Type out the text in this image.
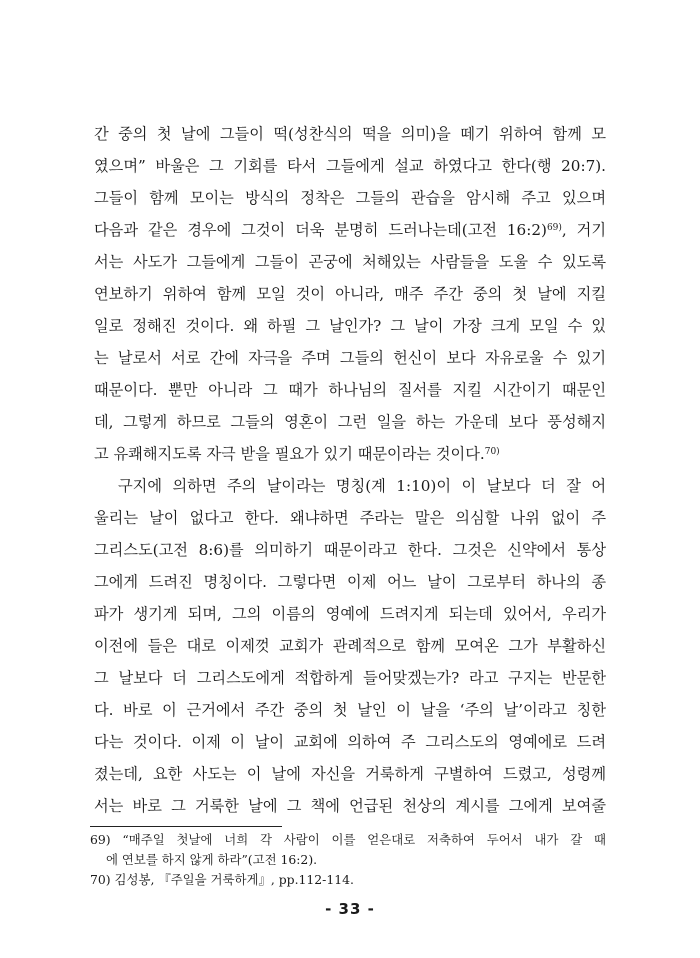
간 중의 첫 날에 그들이 떡(성찬식의 떡을 의미)을 떼기 위하여 함께 모
였으며” 바울은 그 기회를 타서 그들에게 설교 하였다고 한다(행 20:7).
그들이 함께 모이는 방식의 정착은 그들의 관습을 암시해 주고 있으며
다음과 같은 경우에 그것이 더욱 분명히 드러나는데(고전 16:2)$^{69)}$, 거기
서는 사도가 그들에게 그들이 곤궁에 처해있는 사람들을 도울 수 있도록
연보하기 위하여 함께 모일 것이 아니라, 매주 주간 중의 첫 날에 지킬
일로 정해진 것이다. 왜 하필 그 날인가? 그 날이 가장 크게 모일 수 있
는 날로서 서로 간에 자극을 주며 그들의 헌신이 보다 자유로울 수 있기
때문이다. 뿐만 아니라 그 때가 하나님의 질서를 지킬 시간이기 때문인
데, 그렇게 하므로 그들의 영혼이 그런 일을 하는 가운데 보다 풍성해지
고 유쾌해지도록 자극 받을 필요가 있기 때문이라는 것이다.$^{70)}$
구지에 의하면 주의 날이라는 명칭(계 1:10)이 이 날보다 더 잘 어
울리는 날이 없다고 한다. 왜냐하면 주라는 말은 의심할 나위 없이 주
그리스도(고전 8:6)를 의미하기 때문이라고 한다. 그것은 신약에서 통상
그에게 드려진 명칭이다. 그렇다면 이제 어느 날이 그로부터 하나의 종
파가 생기게 되며, 그의 이름의 영예에 드려지게 되는데 있어서, 우리가
이전에 들은 대로 이제껏 교회가 관례적으로 함께 모여온 그가 부활하신
그 날보다 더 그리스도에게 적합하게 들어맞겠는가? 라고 구지는 반문한
다. 바로 이 근거에서 주간 중의 첫 날인 이 날을 ‘주의 날’이라고 칭한
다는 것이다. 이제 이 날이 교회에 의하여 주 그리스도의 영예에로 드려
졌는데, 요한 사도는 이 날에 자신을 거룩하게 구별하여 드렸고, 성령께
서는 바로 그 거룩한 날에 그 책에 언급된 천상의 계시를 그에게 보여줄
69) “매주일 첫날에 너희 각 사람이 이를 얻은대로 저축하여 두어서 내가 갈 때
에 연보를 하지 않게 하라”(고전 16:2).
70) 김성봉, 『주일을 거룩하게』, pp.112-114.
- 33 -
